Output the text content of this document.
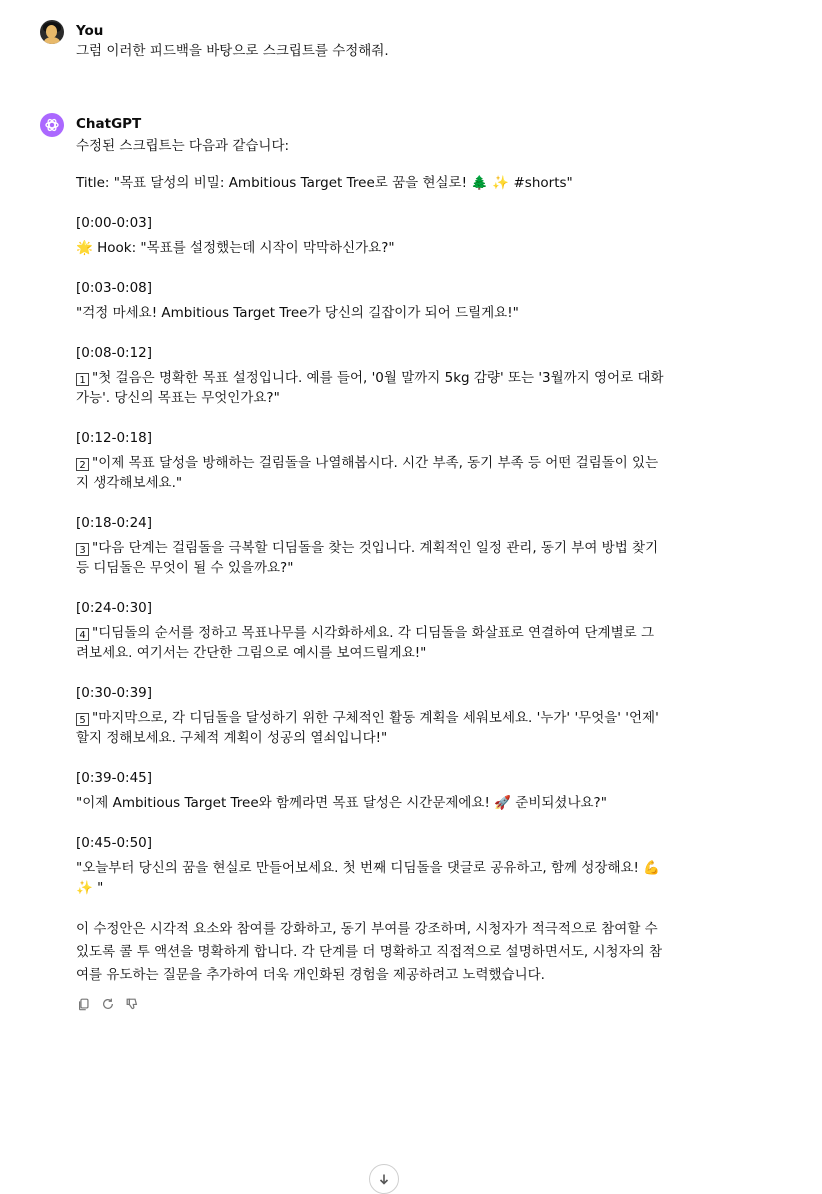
You

그럼 이러한 피드백을 바탕으로 스크립트를 수정해줘.

ChatGPT

수정된 스크립트는 다음과 같습니다:

Title: "목표 달성의 비밀: Ambitious Target Tree로 꿈을 현실로! 🌲 ✨ #shorts"

[0:00-0:03]

🌟 Hook: "목표를 설정했는데 시작이 막막하신가요?"

[0:03-0:08]

"걱정 마세요! Ambitious Target Tree가 당신의 길잡이가 되어 드릴게요!"

[0:08-0:12]

1 "첫 걸음은 명확한 목표 설정입니다. 예를 들어, '0월 말까지 5kg 감량' 또는 '3월까지 영어로 대화
가능'. 당신의 목표는 무엇인가요?"

[0:12-0:18]

2 "이제 목표 달성을 방해하는 걸림돌을 나열해봅시다. 시간 부족, 동기 부족 등 어떤 걸림돌이 있는
지 생각해보세요."

[0:18-0:24]

3 "다음 단계는 걸림돌을 극복할 디딤돌을 찾는 것입니다. 계획적인 일정 관리, 동기 부여 방법 찾기
등 디딤돌은 무엇이 될 수 있을까요?"

[0:24-0:30]

4 "디딤돌의 순서를 정하고 목표나무를 시각화하세요. 각 디딤돌을 화살표로 연결하여 단계별로 그
려보세요. 여기서는 간단한 그림으로 예시를 보여드릴게요!"

[0:30-0:39]

5 "마지막으로, 각 디딤돌을 달성하기 위한 구체적인 활동 계획을 세워보세요. '누가' '무엇을' '언제'
할지 정해보세요. 구체적 계획이 성공의 열쇠입니다!"

[0:39-0:45]

"이제 Ambitious Target Tree와 함께라면 목표 달성은 시간문제에요! 🚀 준비되셨나요?"

[0:45-0:50]

"오늘부터 당신의 꿈을 현실로 만들어보세요. 첫 번째 디딤돌을 댓글로 공유하고, 함께 성장해요! 💪
✨ "

이 수정안은 시각적 요소와 참여를 강화하고, 동기 부여를 강조하며, 시청자가 적극적으로 참여할 수
있도록 콜 투 액션을 명확하게 합니다. 각 단계를 더 명확하고 직접적으로 설명하면서도, 시청자의 참
여를 유도하는 질문을 추가하여 더욱 개인화된 경험을 제공하려고 노력했습니다.
